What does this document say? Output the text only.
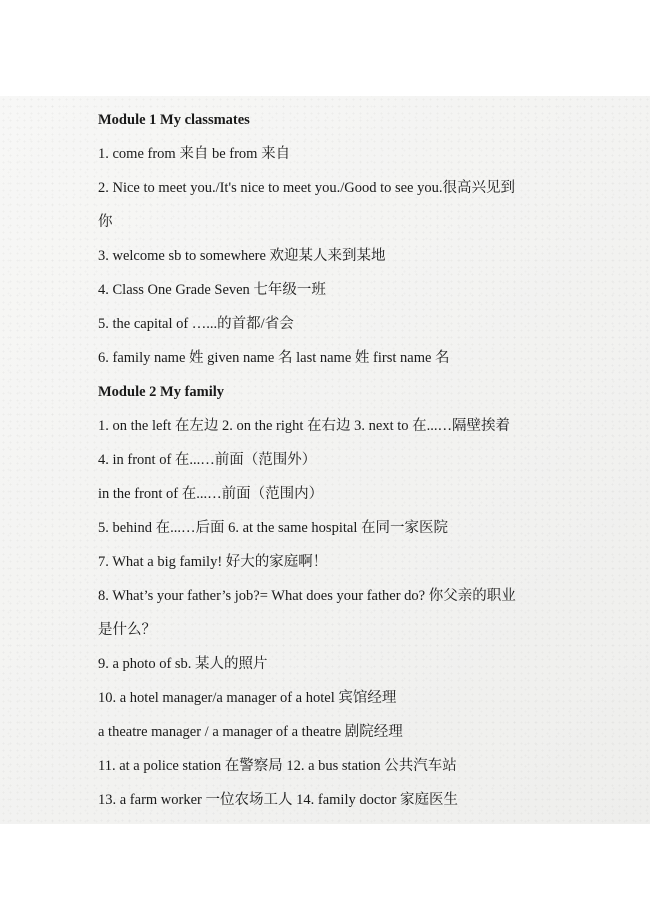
Module 1 My classmates
1. come from 来自 be from 来自
2. Nice to meet you./It's nice to meet you./Good to see you.很高兴见到
你
3. welcome sb to somewhere 欢迎某人来到某地
4. Class One Grade Seven 七年级一班
5. the capital of …...的首都/省会
6. family name 姓 given name 名 last name 姓 first name 名
Module 2 My family
1. on the left 在左边 2. on the right 在右边 3. next to 在...…隔壁挨着
4. in front of 在...…前面（范围外）
in the front of 在...…前面（范围内）
5. behind 在...…后面 6. at the same hospital 在同一家医院
7. What a big family! 好大的家庭啊！
8. What’s your father’s job?= What does your father do? 你父亲的职业
是什么？
9. a photo of sb. 某人的照片
10. a hotel manager/a manager of a hotel 宾馆经理
a theatre manager / a manager of a theatre 剧院经理
11. at a police station 在警察局 12. a bus station 公共汽车站
13. a farm worker 一位农场工人 14. family doctor 家庭医生
